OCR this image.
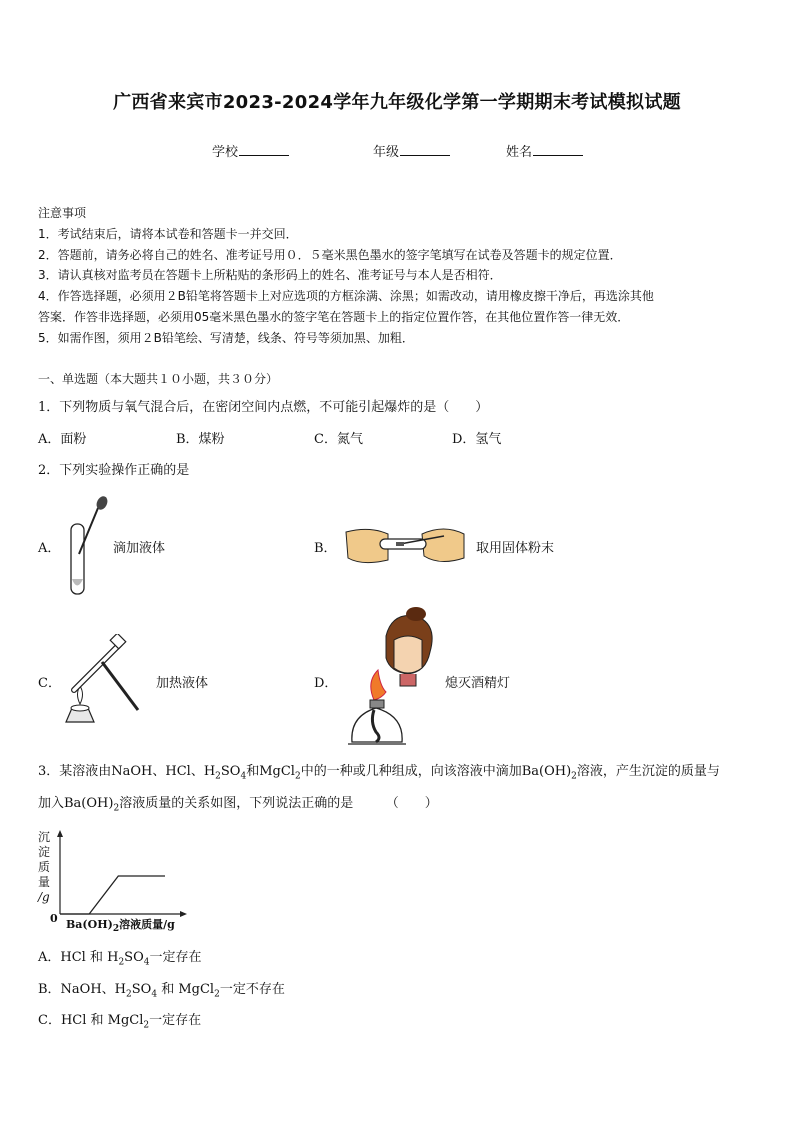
广西省来宾市2023-2024学年九年级化学第一学期期末考试模拟试题
学校	年级	姓名
注意事项
1．考试结束后，请将本试卷和答题卡一并交回．
2．答题前，请务必将自己的姓名、准考证号用０．５毫米黑色墨水的签字笔填写在试卷及答题卡的规定位置．
3．请认真核对监考员在答题卡上所粘贴的条形码上的姓名、准考证号与本人是否相符．
4．作答选择题，必须用２B铅笔将答题卡上对应选项的方框涂满、涂黑；如需改动，请用橡皮擦干净后，再选涂其他
答案．作答非选择题，必须用05毫米黑色墨水的签字笔在答题卡上的指定位置作答，在其他位置作答一律无效．
5．如需作图，须用２B铅笔绘、写清楚，线条、符号等须加黑、加粗．
一、单选题（本大题共１０小题，共３０分）
1．下列物质与氧气混合后，在密闭空间内点燃，不可能引起爆炸的是（　　）
A．面粉	B．煤粉	C．氮气	D．氢气
2．下列实验操作正确的是
A．	滴加液体	B．	取用固体粉末
C．	加热液体	D．	熄灭酒精灯
3．某溶液由NaOH、HCl、$H_2SO_4$和MgCl$_2$中的一种或几种组成，向该溶液中滴加$Ba(OH)_2$溶液，产生沉淀的质量与
加入$Ba(OH)_2$溶液质量的关系如图，下列说法正确的是　　　（　　）
沉
淀
质
量
/g
0 $Ba(OH)_2$溶液质量/g
A．HCl 和 $H_2SO_4$一定存在
B．NaOH、$H_2SO_4$ 和 MgCl$_2$一定不存在
C．HCl 和 MgCl$_2$一定存在
